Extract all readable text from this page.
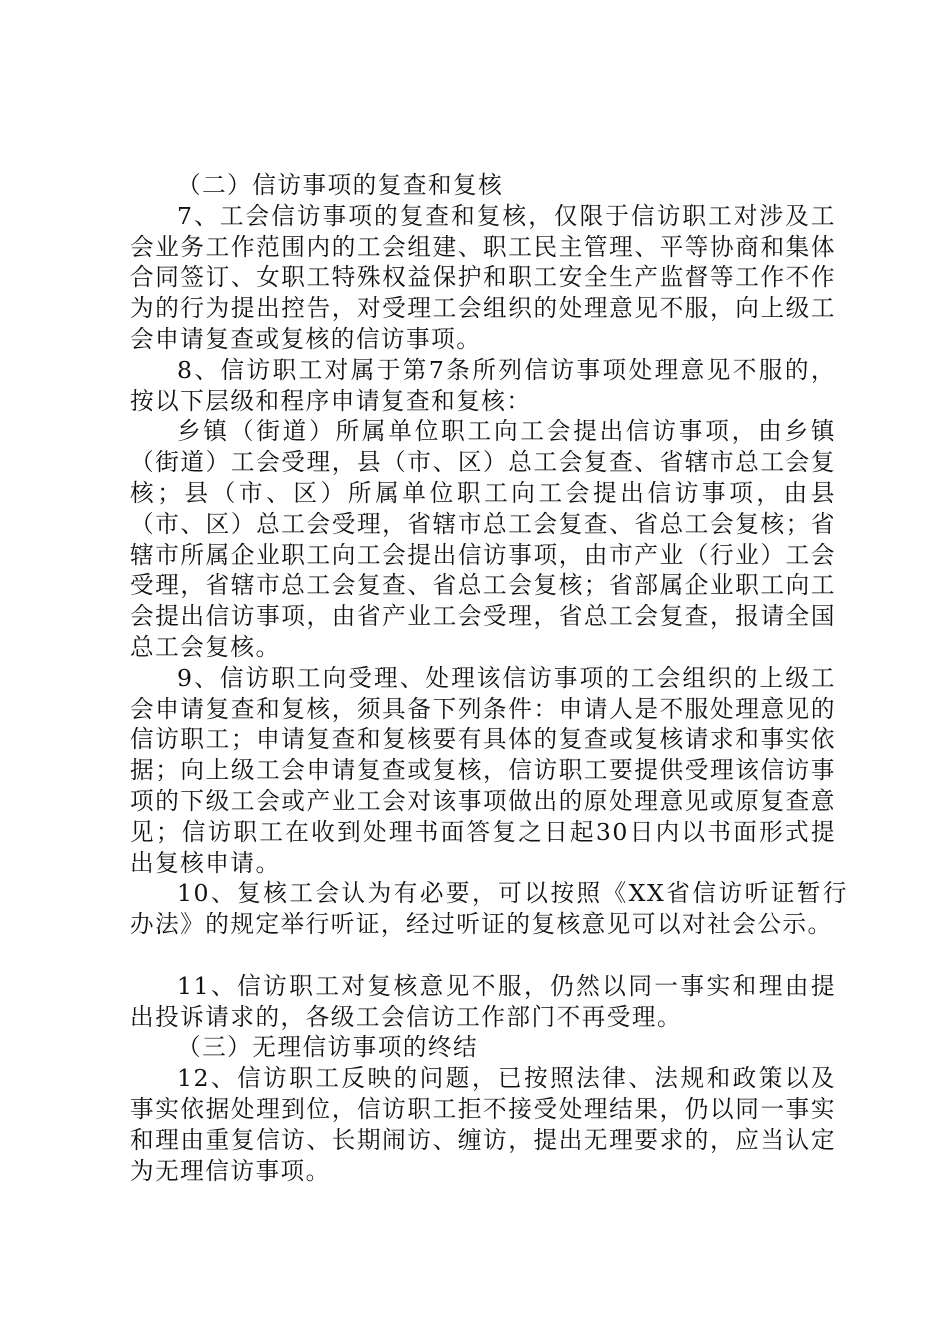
（二）信访事项的复查和复核

7、工会信访事项的复查和复核，仅限于信访职工对涉及工会业务工作范围内的工会组建、职工民主管理、平等协商和集体合同签订、女职工特殊权益保护和职工安全生产监督等工作不作为的行为提出控告，对受理工会组织的处理意见不服，向上级工会申请复查或复核的信访事项。

8、信访职工对属于第7条所列信访事项处理意见不服的，按以下层级和程序申请复查和复核：

乡镇（街道）所属单位职工向工会提出信访事项，由乡镇（街道）工会受理，县（市、区）总工会复查、省辖市总工会复核；县（市、区）所属单位职工向工会提出信访事项，由县（市、区）总工会受理，省辖市总工会复查、省总工会复核；省辖市所属企业职工向工会提出信访事项，由市产业（行业）工会受理，省辖市总工会复查、省总工会复核；省部属企业职工向工会提出信访事项，由省产业工会受理，省总工会复查，报请全国总工会复核。

9、信访职工向受理、处理该信访事项的工会组织的上级工会申请复查和复核，须具备下列条件：申请人是不服处理意见的信访职工；申请复查和复核要有具体的复查或复核请求和事实依据；向上级工会申请复查或复核，信访职工要提供受理该信访事项的下级工会或产业工会对该事项做出的原处理意见或原复查意见；信访职工在收到处理书面答复之日起30日内以书面形式提出复核申请。

10、复核工会认为有必要，可以按照《XX省信访听证暂行办法》的规定举行听证，经过听证的复核意见可以对社会公示。

11、信访职工对复核意见不服，仍然以同一事实和理由提出投诉请求的，各级工会信访工作部门不再受理。

（三）无理信访事项的终结

12、信访职工反映的问题，已按照法律、法规和政策以及事实依据处理到位，信访职工拒不接受处理结果，仍以同一事实和理由重复信访、长期闹访、缠访，提出无理要求的，应当认定为无理信访事项。
